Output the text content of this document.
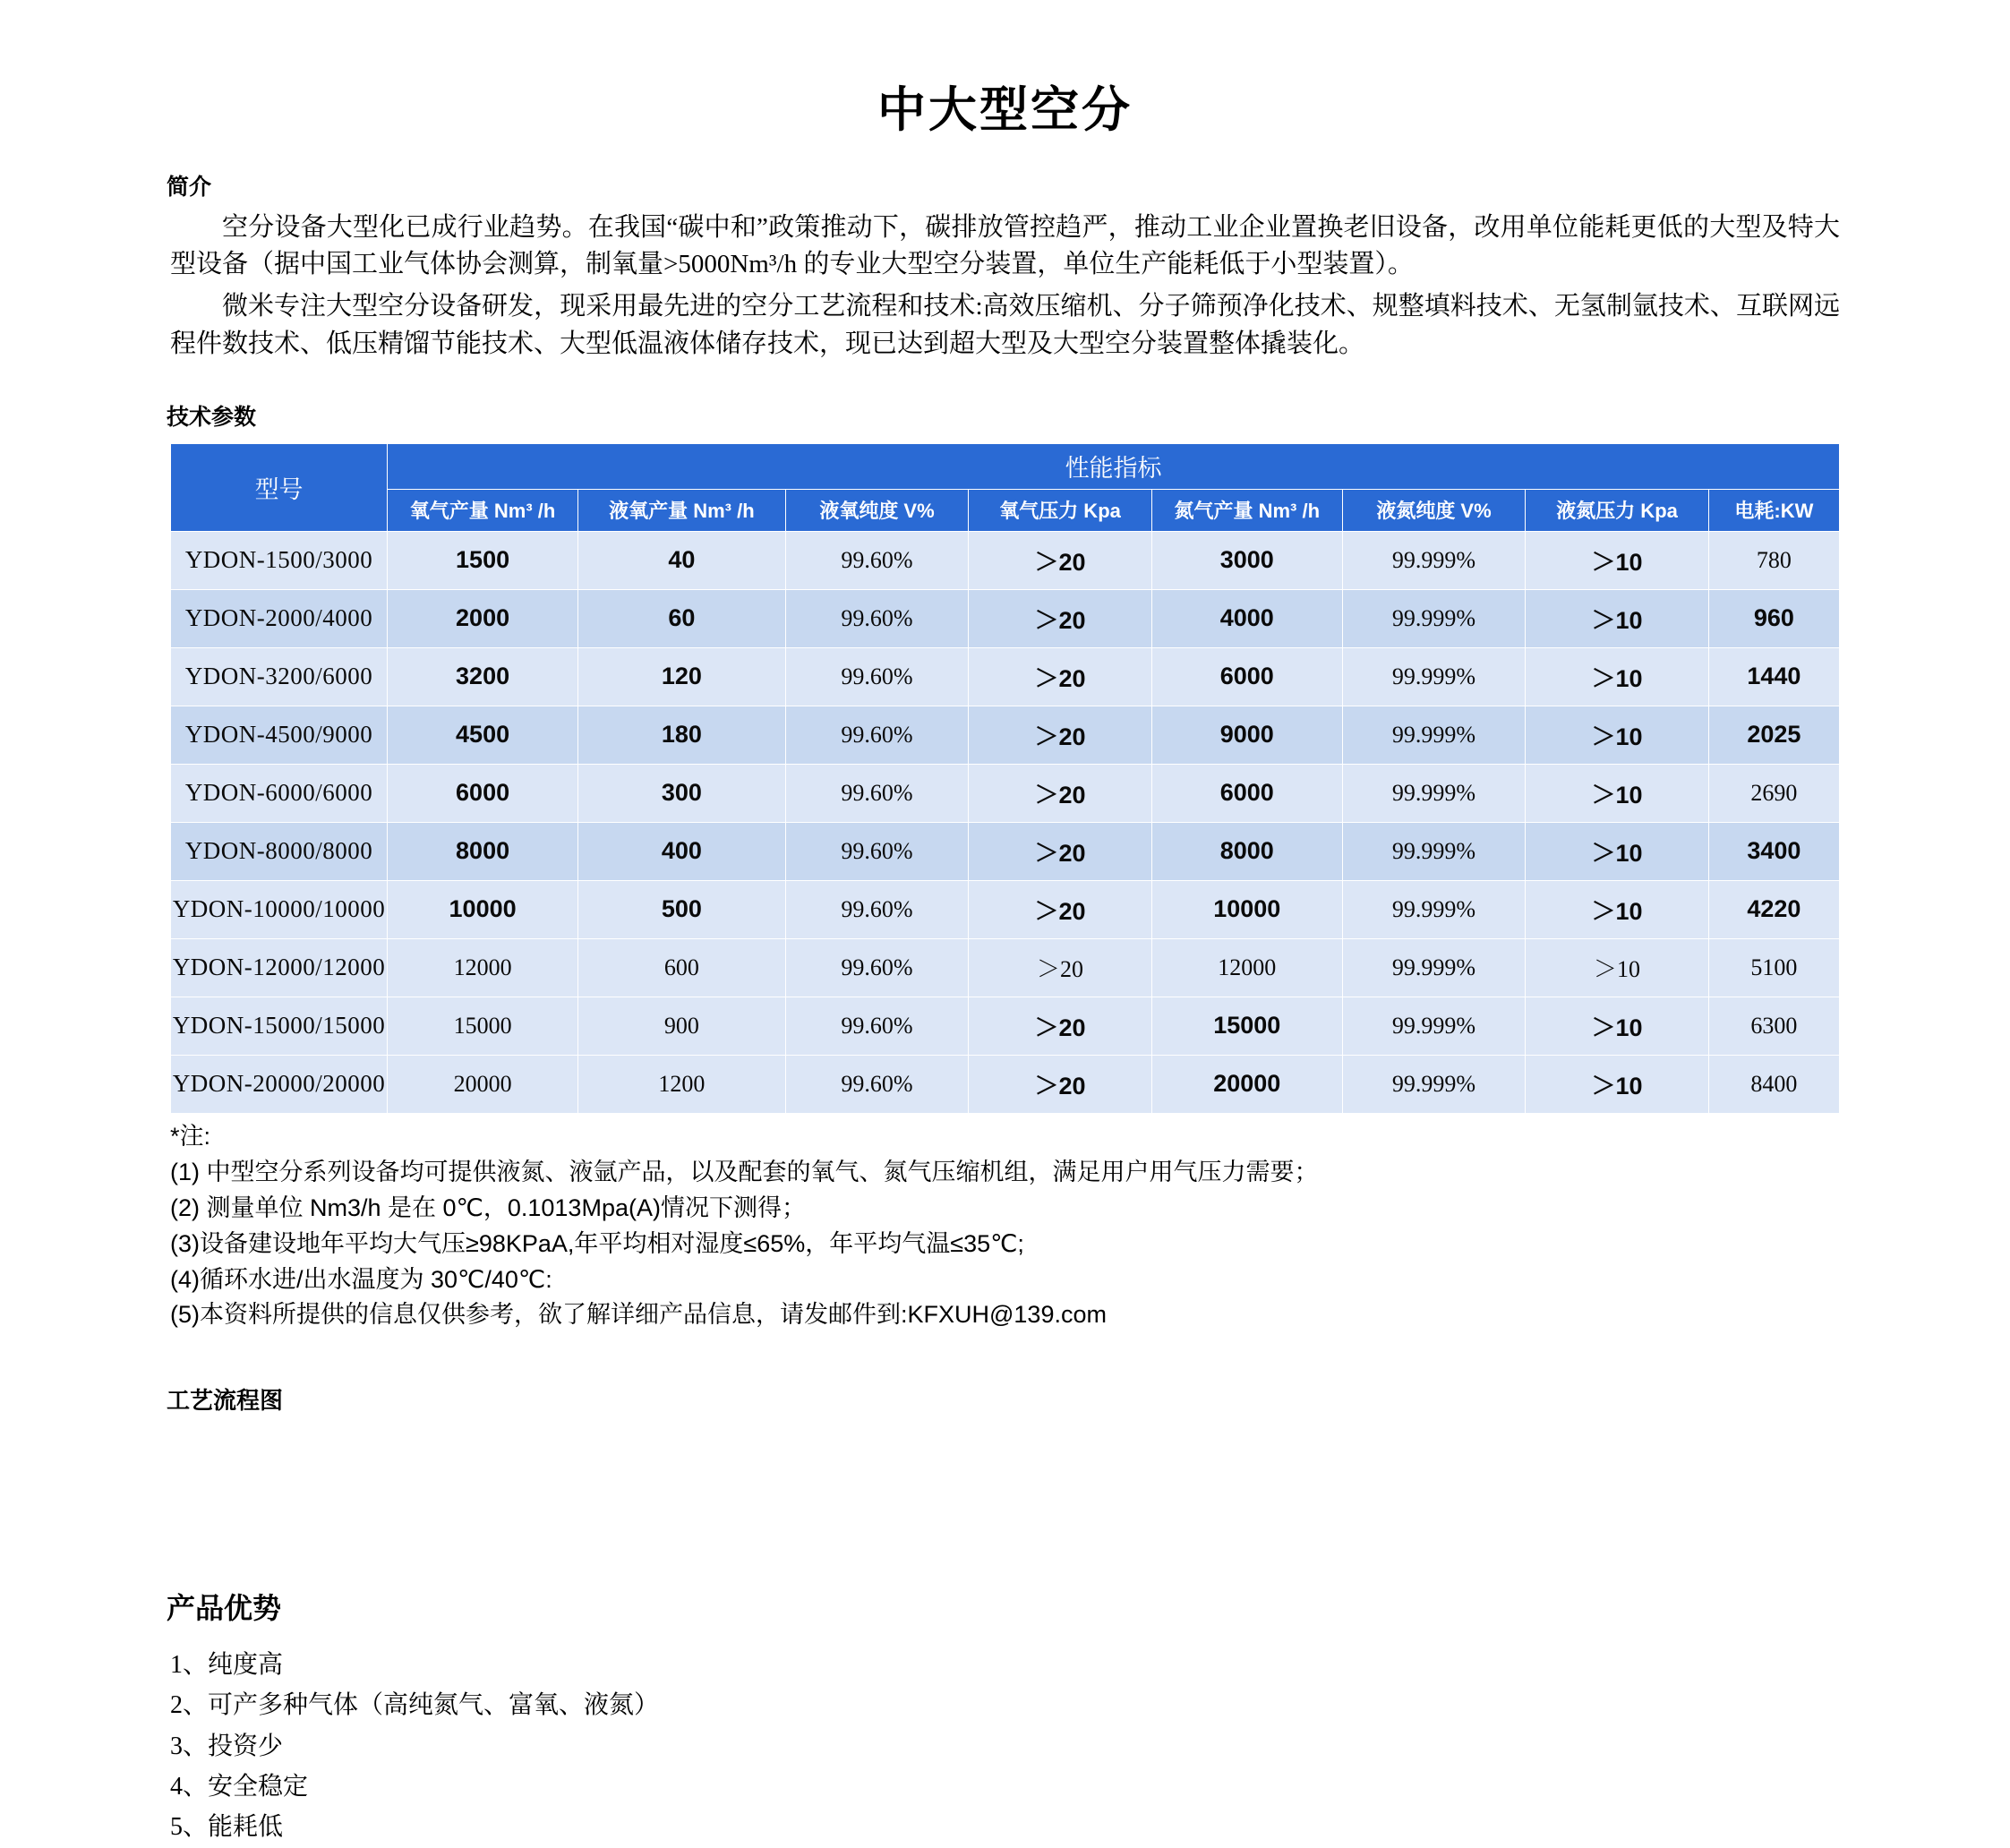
中大型空分
简介

空分设备大型化已成行业趋势。在我国“碳中和”政策推动下，碳排放管控趋严，推动工业企业置换老旧设备，改用单位能耗更低的大型及特大型设备（据中国工业气体协会测算，制氧量>5000Nm³/h 的专业大型空分装置，单位生产能耗低于小型装置）。

微米专注大型空分设备研发，现采用最先进的空分工艺流程和技术:高效压缩机、分子筛预净化技术、规整填料技术、无氢制氩技术、互联网远程件数技术、低压精馏节能技术、大型低温液体储存技术，现已达到超大型及大型空分装置整体撬装化。

技术参数
型号	性能指标							
	氧气产量 Nm³ /h	液氧产量 Nm³ /h	液氧纯度 V%	氧气压力 Kpa	氮气产量 Nm³ /h	液氮纯度 V%	液氮压力 Kpa	电耗:KW
YDON-1500/3000	1500	40	99.60%	＞20	3000	99.999%	＞10	780
YDON-2000/4000	2000	60	99.60%	＞20	4000	99.999%	＞10	960
YDON-3200/6000	3200	120	99.60%	＞20	6000	99.999%	＞10	1440
YDON-4500/9000	4500	180	99.60%	＞20	9000	99.999%	＞10	2025
YDON-6000/6000	6000	300	99.60%	＞20	6000	99.999%	＞10	2690
YDON-8000/8000	8000	400	99.60%	＞20	8000	99.999%	＞10	3400
YDON-10000/10000	10000	500	99.60%	＞20	10000	99.999%	＞10	4220
YDON-12000/12000	12000	600	99.60%	＞20	12000	99.999%	＞10	5100
YDON-15000/15000	15000	900	99.60%	＞20	15000	99.999%	＞10	6300
YDON-20000/20000	20000	1200	99.60%	＞20	20000	99.999%	＞10	8400
*注:
(1) 中型空分系列设备均可提供液氮、液氩产品，以及配套的氧气、氮气压缩机组，满足用户用气压力需要；
(2) 测量单位 Nm3/h 是在 0℃，0.1013Mpa(A)情况下测得；
(3)设备建设地年平均大气压≥98KPaA,年平均相对湿度≤65%，年平均气温≤35℃;
(4)循环水进/出水温度为 30℃/40℃:
(5)本资料所提供的信息仅供参考，欲了解详细产品信息，请发邮件到:KFXUH@139.com
工艺流程图
产品优势
1、纯度高
2、可产多种气体（高纯氮气、富氧、液氮）
3、投资少
4、安全稳定
5、能耗低
